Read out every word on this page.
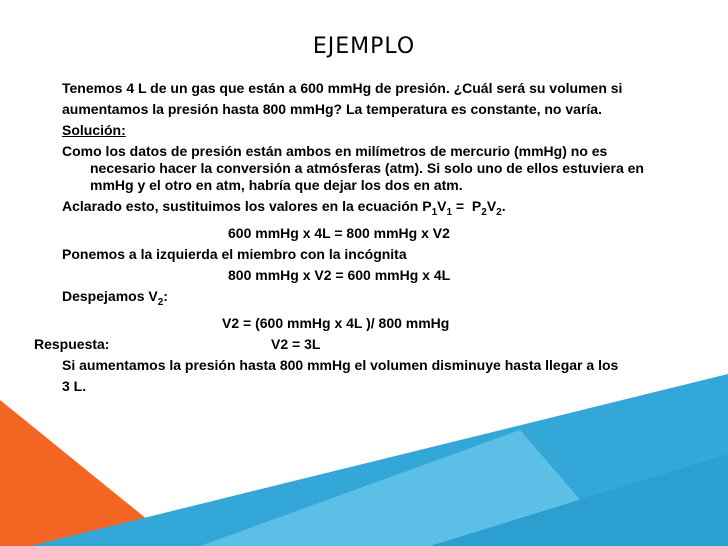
EJEMPLO

Tenemos 4 L de un gas que están a 600 mmHg de presión. ¿Cuál será su volumen si

aumentamos la presión hasta 800 mmHg? La temperatura es constante, no varía.

Solución:

Como los datos de presión están ambos en milímetros de mercurio (mmHg) no es necesario hacer la conversión a atmósferas (atm). Si solo uno de ellos estuviera en mmHg y el otro en atm, habría que dejar los dos en atm.

Aclarado esto, sustituimos los valores en la ecuación $P_1V_1 = P_2V_2$.

600 mmHg x 4L = 800 mmHg x V2

Ponemos a la izquierda el miembro con la incógnita

800 mmHg x V2 = 600 mmHg x 4L

Despejamos $V_2$:

V2 = (600 mmHg x 4L )/ 800 mmHg

Respuesta:	V2 = 3L

Si aumentamos la presión hasta 800 mmHg el volumen disminuye hasta llegar a los

3 L.
